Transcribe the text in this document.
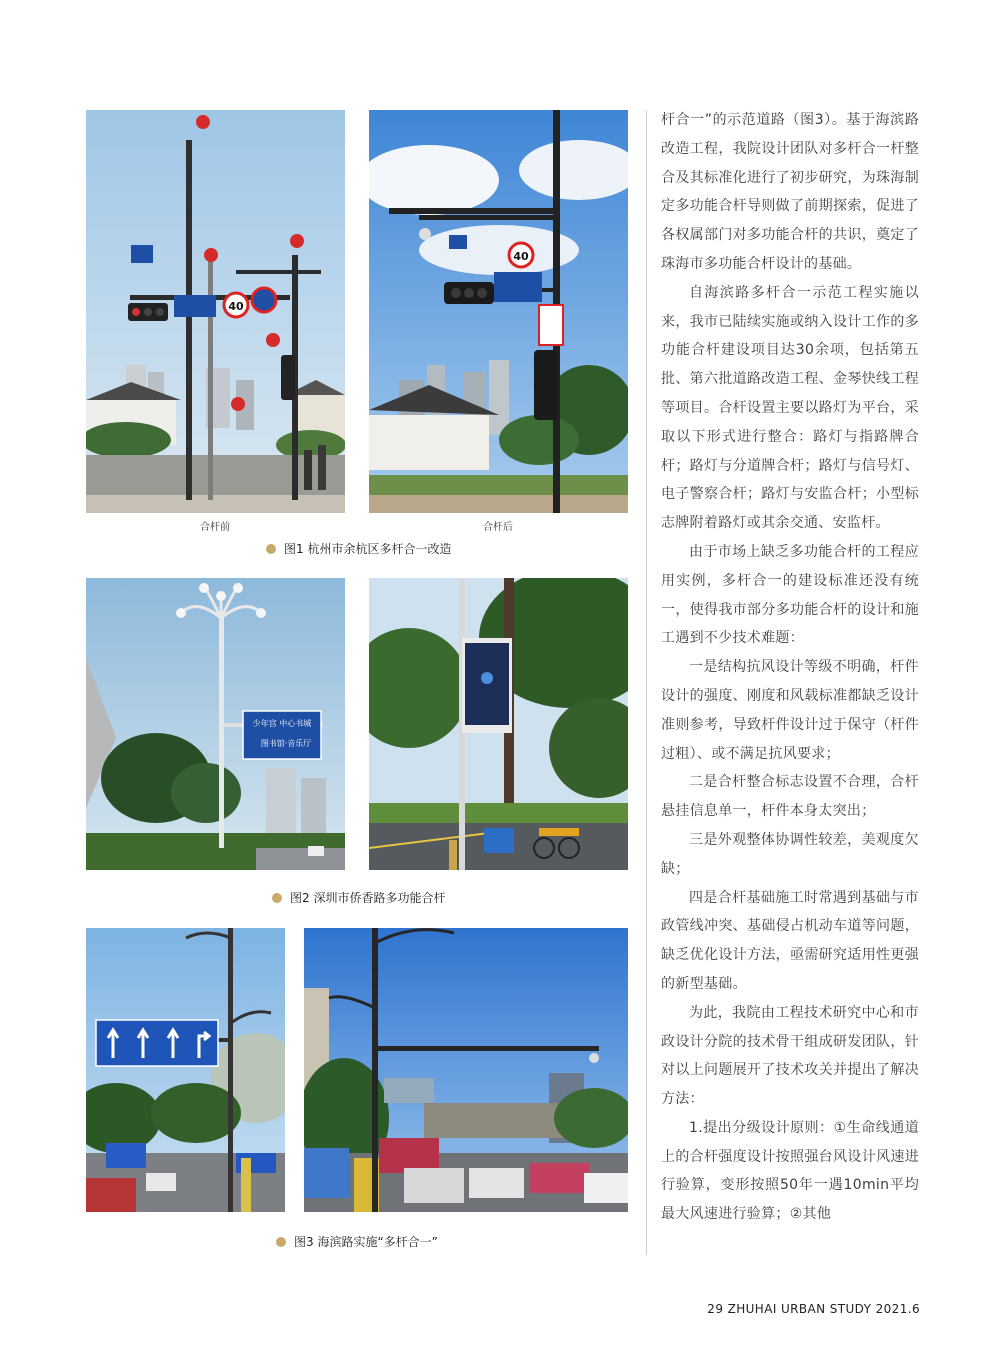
40
40
合杆前	合杆后
图1 杭州市余杭区多杆合一改造
少年宫 中心书城
图书馆·音乐厅
图2 深圳市侨香路多功能合杆
图3 海滨路实施“多杆合一”

杆合一”的示范道路（图3）。基于海滨路改造工程，我院设计团队对多杆合一杆整合及其标准化进行了初步研究，为珠海制定多功能合杆导则做了前期探索，促进了各权属部门对多功能合杆的共识，奠定了珠海市多功能合杆设计的基础。

自海滨路多杆合一示范工程实施以来，我市已陆续实施或纳入设计工作的多功能合杆建设项目达30余项，包括第五批、第六批道路改造工程、金琴快线工程等项目。合杆设置主要以路灯为平台，采取以下形式进行整合：路灯与指路牌合杆；路灯与分道牌合杆；路灯与信号灯、电子警察合杆；路灯与安监合杆；小型标志牌附着路灯或其余交通、安监杆。

由于市场上缺乏多功能合杆的工程应用实例，多杆合一的建设标准还没有统一，使得我市部分多功能合杆的设计和施工遇到不少技术难题：

一是结构抗风设计等级不明确，杆件设计的强度、刚度和风载标准都缺乏设计准则参考，导致杆件设计过于保守（杆件过粗）、或不满足抗风要求；

二是合杆整合标志设置不合理，合杆悬挂信息单一，杆件本身太突出；

三是外观整体协调性较差，美观度欠缺；

四是合杆基础施工时常遇到基础与市政管线冲突、基础侵占机动车道等问题，缺乏优化设计方法，亟需研究适用性更强的新型基础。

为此，我院由工程技术研究中心和市政设计分院的技术骨干组成研发团队，针对以上问题展开了技术攻关并提出了解决方法：

1.提出分级设计原则：①生命线通道上的合杆强度设计按照强台风设计风速进行验算，变形按照50年一遇10min平均最大风速进行验算；②其他

29 ZHUHAI URBAN STUDY 2021.6
